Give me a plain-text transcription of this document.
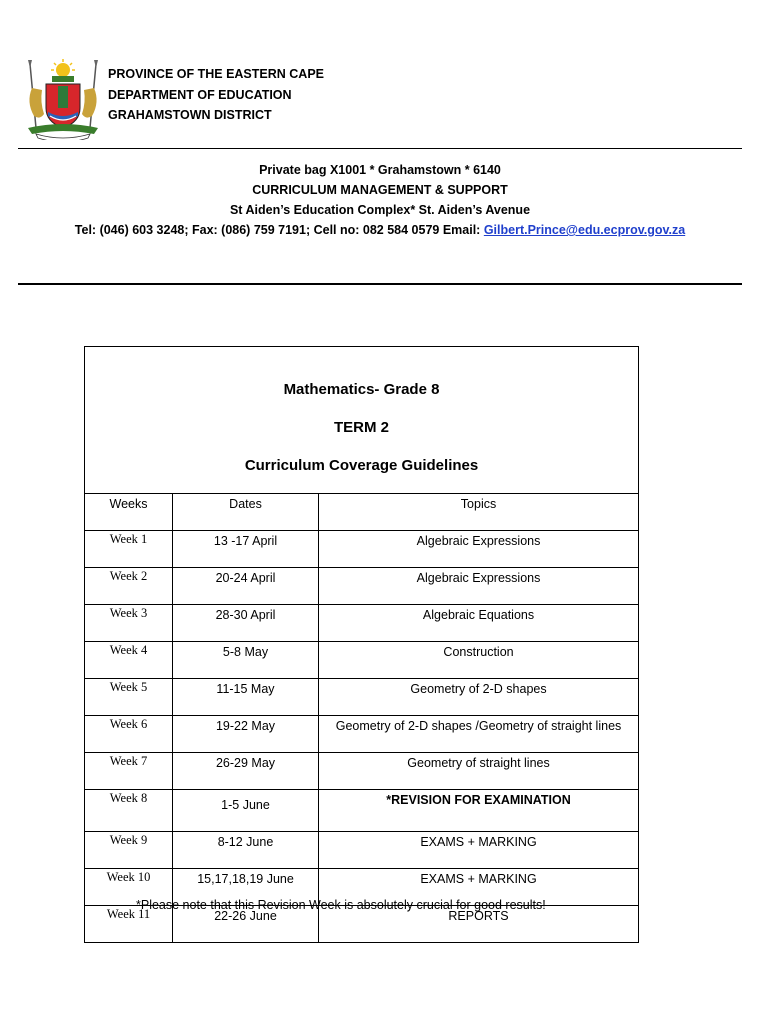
PROVINCE OF THE EASTERN CAPE
DEPARTMENT OF EDUCATION
GRAHAMSTOWN DISTRICT
Private bag X1001 * Grahamstown * 6140
CURRICULUM MANAGEMENT & SUPPORT
St Aiden’s Education Complex* St. Aiden’s Avenue
Tel: (046) 603 3248; Fax: (086) 759 7191; Cell no: 082 584 0579 Email: Gilbert.Prince@edu.ecprov.gov.za
Mathematics- Grade 8
TERM 2
Curriculum Coverage Guidelines		

Weeks	Dates	Topics
Week 1	13 -17 April	Algebraic Expressions
Week 2	20-24 April	Algebraic Expressions
Week 3	28-30 April	Algebraic Equations
Week 4	5-8 May	Construction
Week 5	11-15 May	Geometry of 2-D shapes
Week 6	19-22 May	Geometry of 2-D shapes /Geometry of straight lines
Week 7	26-29 May	Geometry of straight lines
Week 8	1-5 June	*REVISION FOR EXAMINATION
Week 9	8-12 June	EXAMS + MARKING
Week 10	15,17,18,19 June	EXAMS + MARKING
Week 11	22-26 June	REPORTS
*Please note that this Revision Week is absolutely crucial for good results!
